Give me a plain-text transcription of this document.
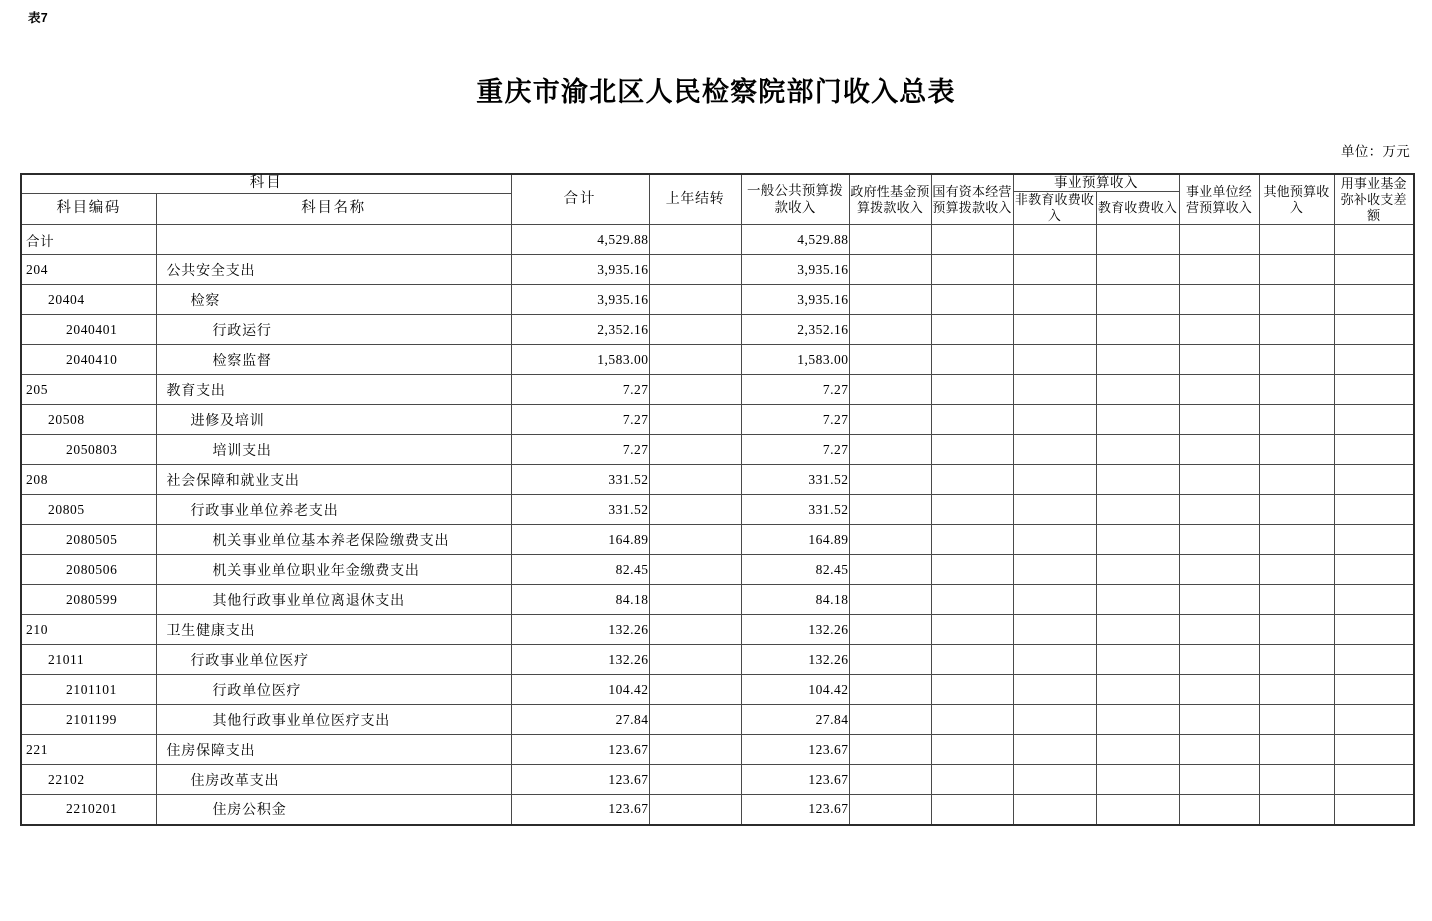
表7
重庆市渝北区人民检察院部门收入总表
单位：万元
科目		合计	上年结转	一般公共预算拨款收入	政府性基金预算拨款收入	国有资本经营预算拨款收入	事业预算收入		事业单位经营预算收入	其他预算收入	用事业基金弥补收支差额
							非教育收费收入	教育收费收入			
科目编码	科目名称										
合计		4,529.88		4,529.88							
204	公共安全支出	3,935.16		3,935.16							
20404	检察	3,935.16		3,935.16							
2040401	行政运行	2,352.16		2,352.16							
2040410	检察监督	1,583.00		1,583.00							
205	教育支出	7.27		7.27							
20508	进修及培训	7.27		7.27							
2050803	培训支出	7.27		7.27							
208	社会保障和就业支出	331.52		331.52							
20805	行政事业单位养老支出	331.52		331.52							
2080505	机关事业单位基本养老保险缴费支出	164.89		164.89							
2080506	机关事业单位职业年金缴费支出	82.45		82.45							
2080599	其他行政事业单位离退休支出	84.18		84.18							
210	卫生健康支出	132.26		132.26							
21011	行政事业单位医疗	132.26		132.26							
2101101	行政单位医疗	104.42		104.42							
2101199	其他行政事业单位医疗支出	27.84		27.84							
221	住房保障支出	123.67		123.67							
22102	住房改革支出	123.67		123.67							
2210201	住房公积金	123.67		123.67							
